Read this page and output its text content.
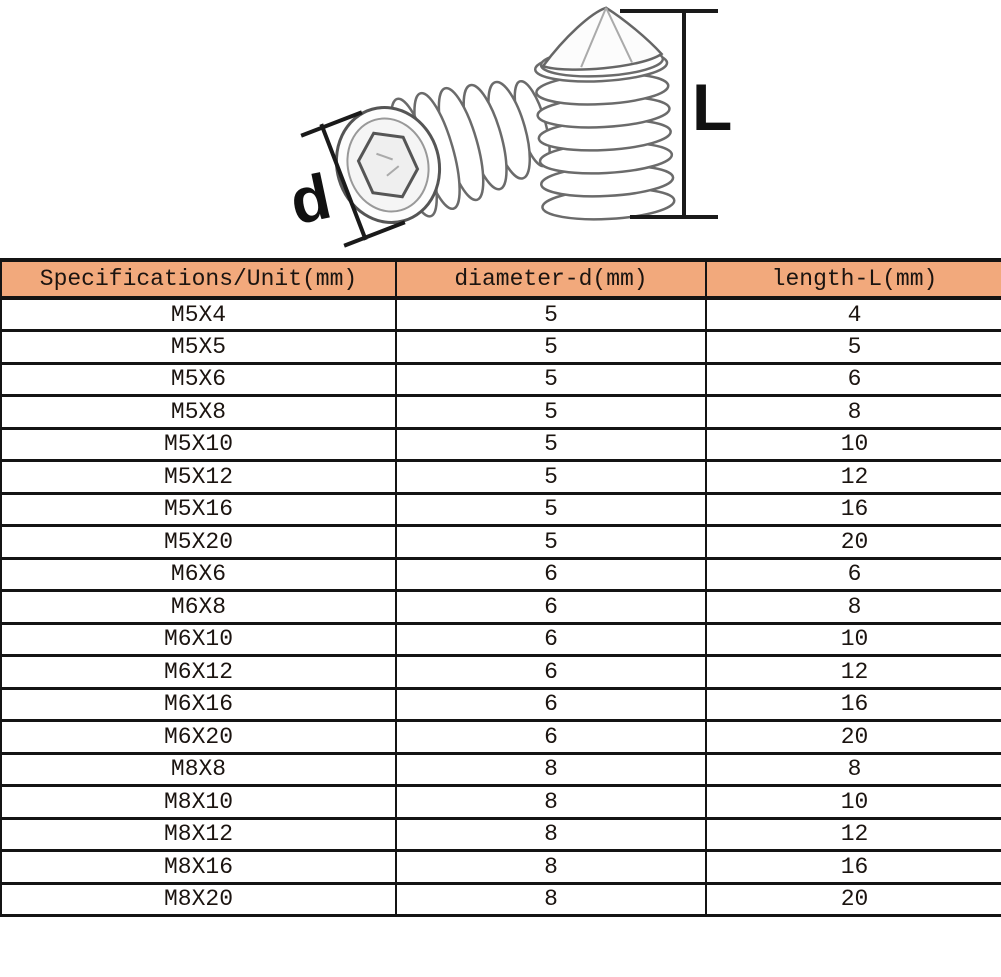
d
L
Specifications/Unit(mm)	diameter-d(mm)	length-L(mm)
M5X4	5	4
M5X5	5	5
M5X6	5	6
M5X8	5	8
M5X10	5	10
M5X12	5	12
M5X16	5	16
M5X20	5	20
M6X6	6	6
M6X8	6	8
M6X10	6	10
M6X12	6	12
M6X16	6	16
M6X20	6	20
M8X8	8	8
M8X10	8	10
M8X12	8	12
M8X16	8	16
M8X20	8	20
